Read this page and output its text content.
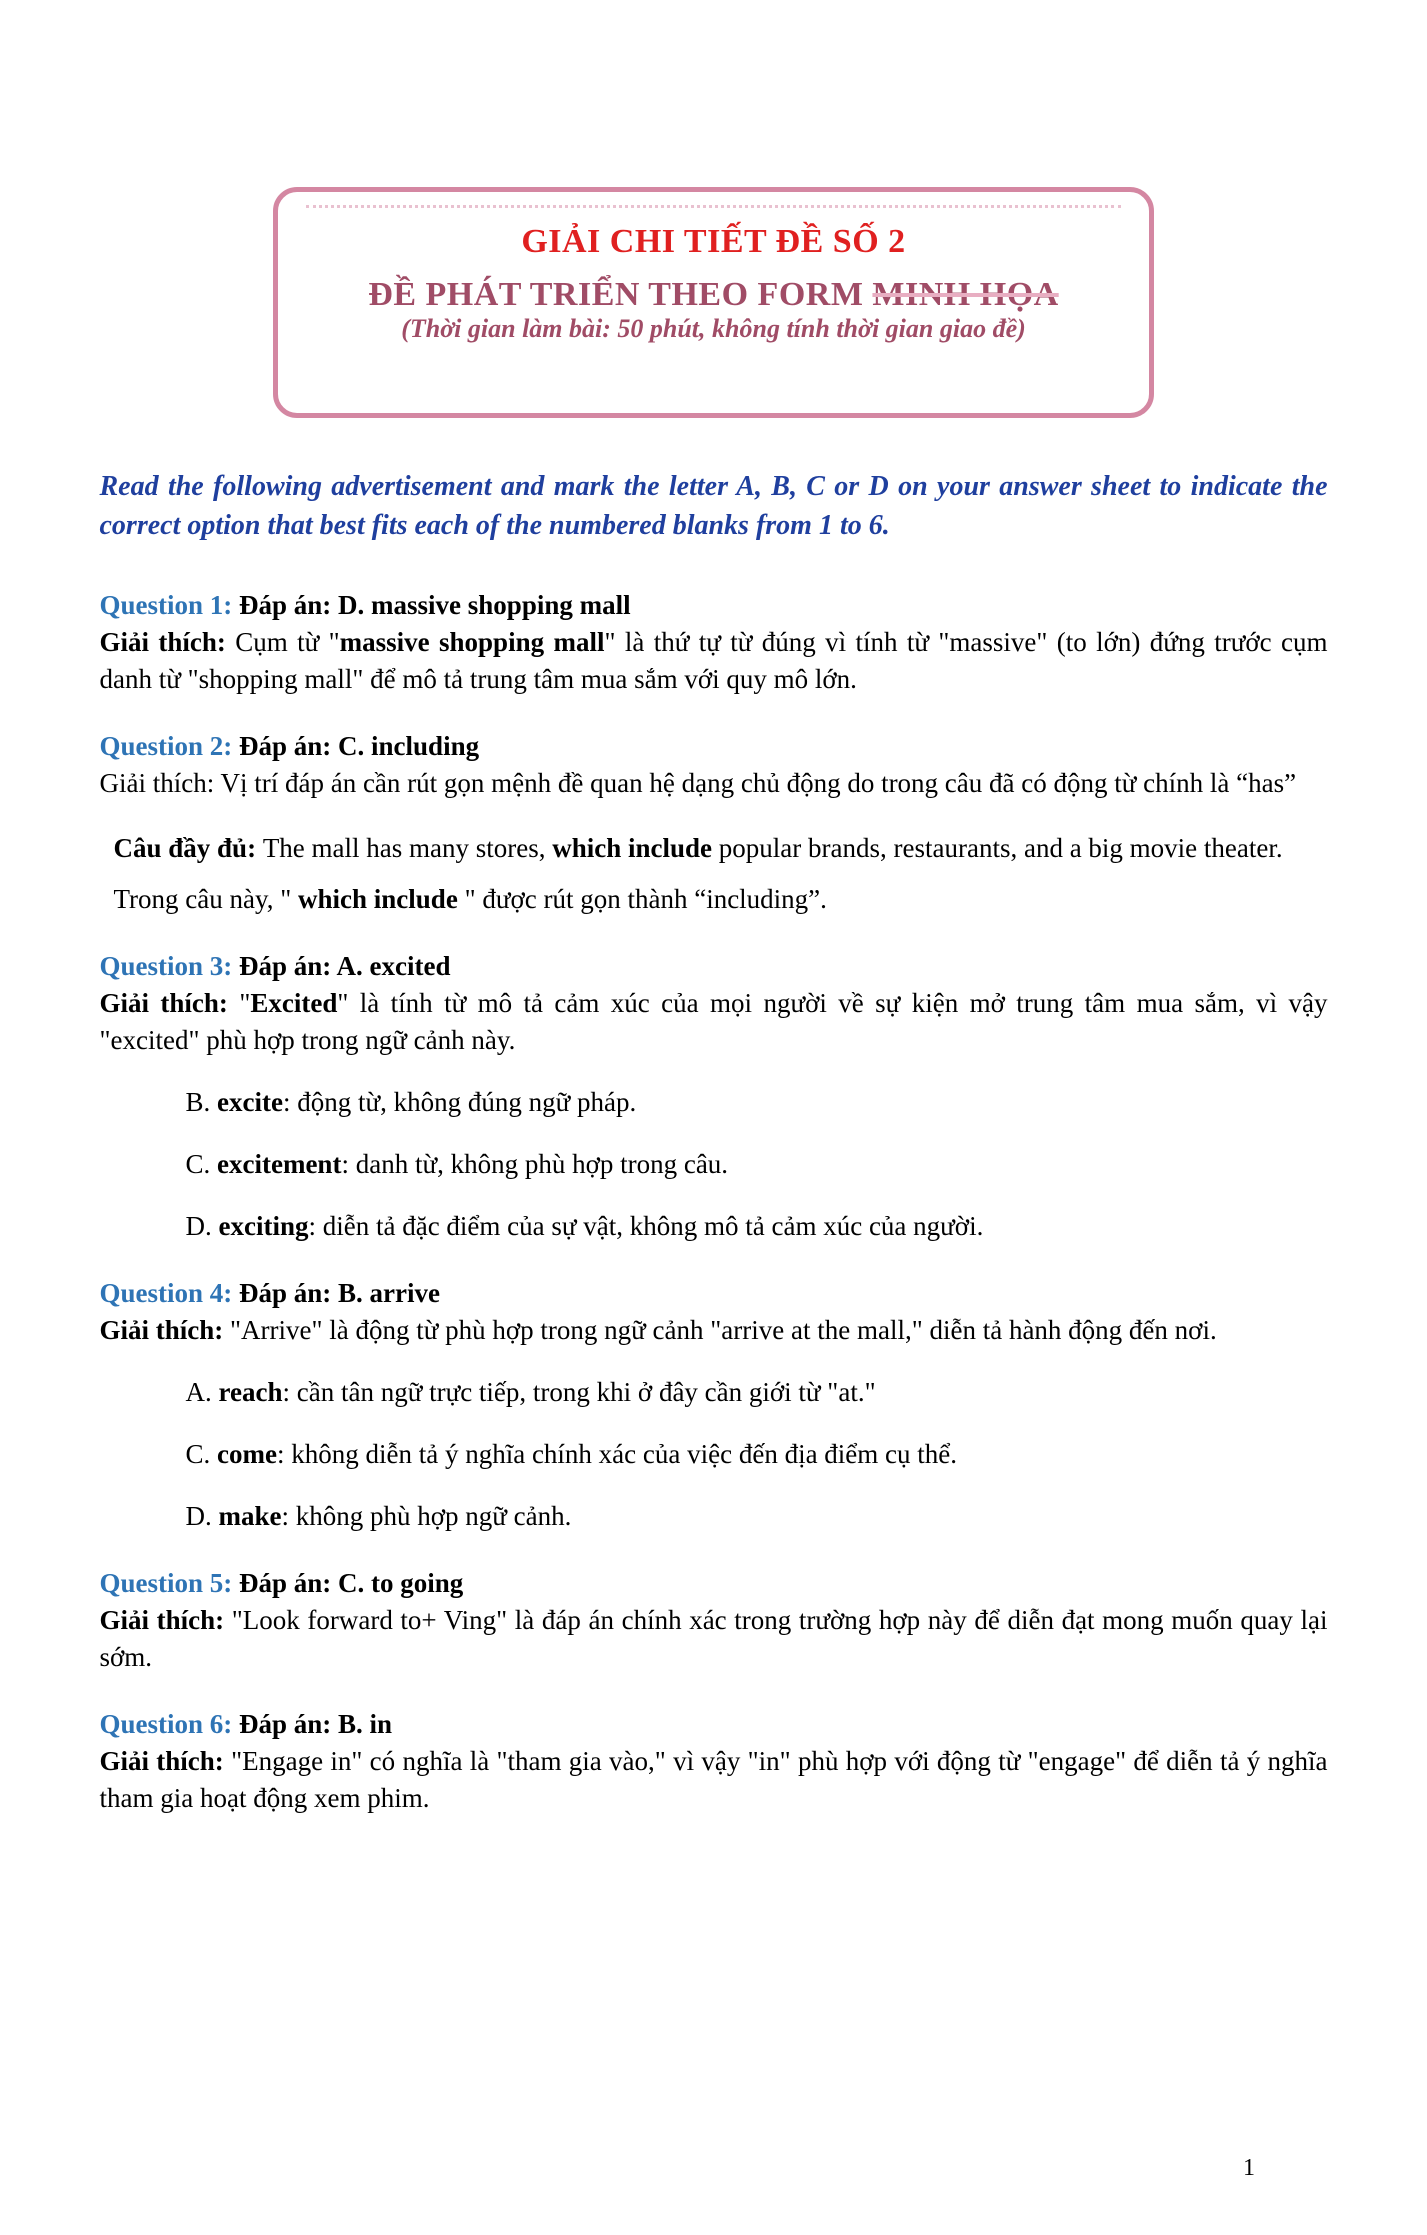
GIẢI CHI TIẾT ĐỀ SỐ 2
ĐỀ PHÁT TRIỂN THEO FORM MINH HỌA
(Thời gian làm bài: 50 phút, không tính thời gian giao đề)

Read the following advertisement and mark the letter A, B, C or D on your answer sheet to indicate the correct option that best fits each of the numbered blanks from 1 to 6.

Question 1: Đáp án: D. massive shopping mall

Giải thích: Cụm từ "massive shopping mall" là thứ tự từ đúng vì tính từ "massive" (to lớn) đứng trước cụm danh từ "shopping mall" để mô tả trung tâm mua sắm với quy mô lớn.

Question 2: Đáp án: C. including

Giải thích: Vị trí đáp án cần rút gọn mệnh đề quan hệ dạng chủ động do trong câu đã có động từ chính là “has”

Câu đầy đủ: The mall has many stores, which include popular brands, restaurants, and a big movie theater.

Trong câu này, " which include " được rút gọn thành “including”.

Question 3: Đáp án: A. excited

Giải thích: "Excited" là tính từ mô tả cảm xúc của mọi người về sự kiện mở trung tâm mua sắm, vì vậy "excited" phù hợp trong ngữ cảnh này.

B. excite: động từ, không đúng ngữ pháp.

C. excitement: danh từ, không phù hợp trong câu.

D. exciting: diễn tả đặc điểm của sự vật, không mô tả cảm xúc của người.

Question 4: Đáp án: B. arrive

Giải thích: "Arrive" là động từ phù hợp trong ngữ cảnh "arrive at the mall," diễn tả hành động đến nơi.

A. reach: cần tân ngữ trực tiếp, trong khi ở đây cần giới từ "at."

C. come: không diễn tả ý nghĩa chính xác của việc đến địa điểm cụ thể.

D. make: không phù hợp ngữ cảnh.

Question 5: Đáp án: C. to going

Giải thích: "Look forward to+ Ving" là đáp án chính xác trong trường hợp này để diễn đạt mong muốn quay lại sớm.

Question 6: Đáp án: B. in

Giải thích: "Engage in" có nghĩa là "tham gia vào," vì vậy "in" phù hợp với động từ "engage" để diễn tả ý nghĩa tham gia hoạt động xem phim.

1
